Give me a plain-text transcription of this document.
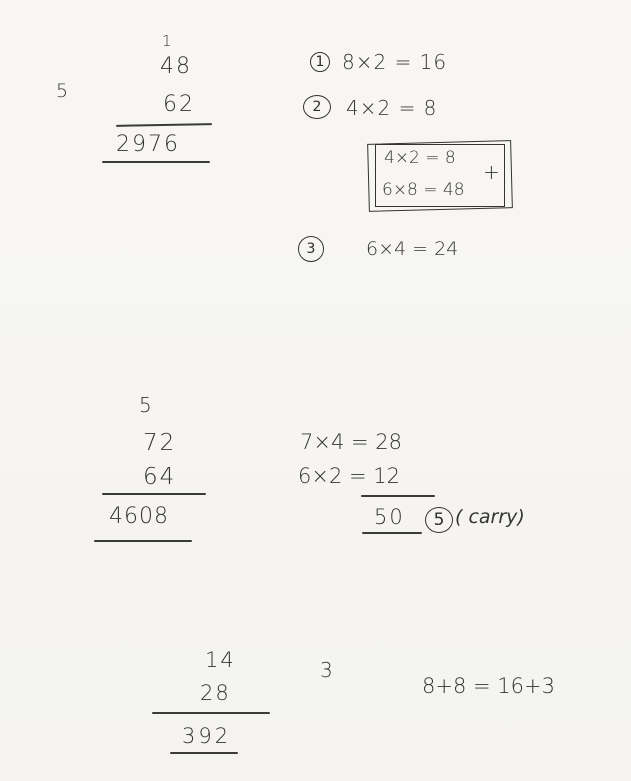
1
48
5
62
2976
1 8×2 = 16
2	4×2 = 8
4×2 = 8
6×8 = 48
+
3	6×4 = 24
5
72
64
4608
7×4 = 28
6×2 = 12
50	5 ( carry)
14
28
392
3
8+8 = 16+3
